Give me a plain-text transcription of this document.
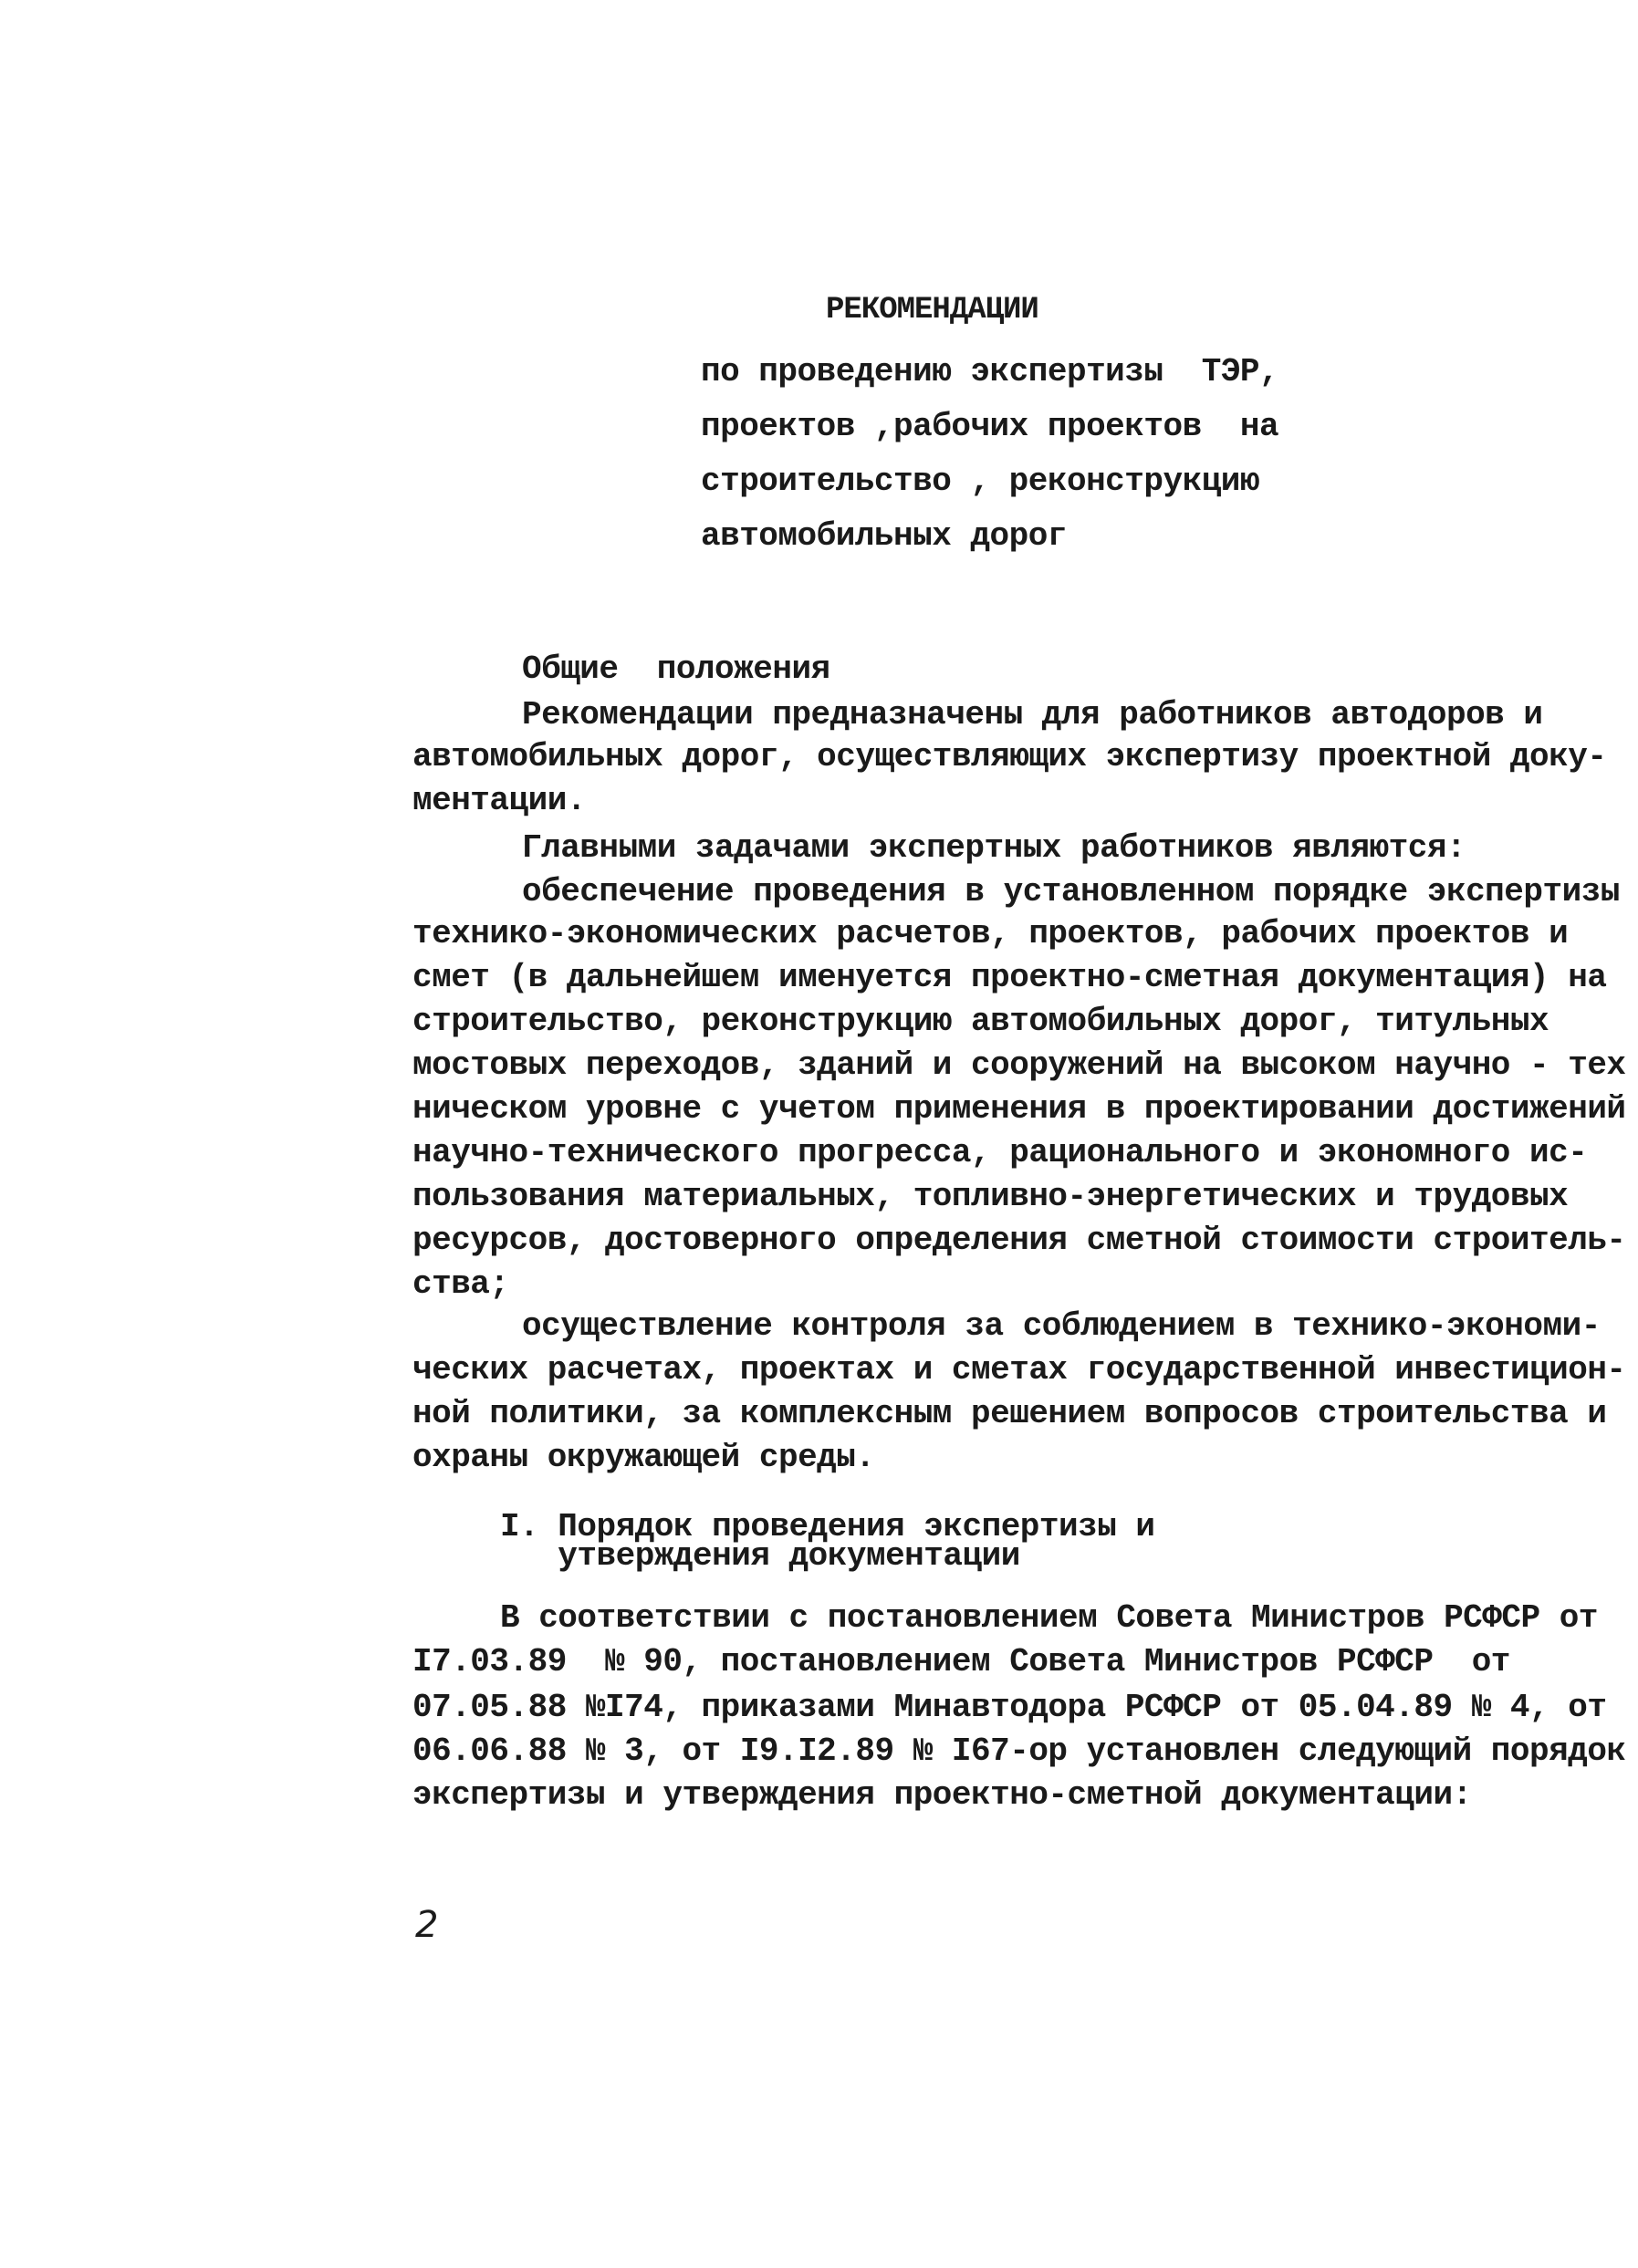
РЕКОМЕНДАЦИИ
по проведению экспертизы  ТЭР,
проектов ,рабочих проектов  на
строительство , реконструкцию
автомобильных дорог
Общие  положения
Рекомендации предназначены для работников автодоров и
автомобильных дорог, осуществляющих экспертизу проектной доку-
ментации.
Главными задачами экспертных работников являются:
обеспечение проведения в установленном порядке экспертизы
технико-экономических расчетов, проектов, рабочих проектов и
смет (в дальнейшем именуется проектно-сметная документация) на
строительство, реконструкцию автомобильных дорог, титульных
мостовых переходов, зданий и сооружений на высоком научно - тех
ническом уровне с учетом применения в проектировании достижений
научно-технического прогресса, рационального и экономного ис-
пользования материальных, топливно-энергетических и трудовых
ресурсов, достоверного определения сметной стоимости строитель-
ства;
осуществление контроля за соблюдением в технико-экономи-
ческих расчетах, проектах и сметах государственной инвестицион-
ной политики, за комплексным решением вопросов строительства и
охраны окружающей среды.
I. Порядок проведения экспертизы и
утверждения документации
В соответствии с постановлением Совета Министров РСФСР от
I7.03.89  № 90, постановлением Совета Министров РСФСР  от
07.05.88 №I74, приказами Минавтодора РСФСР от 05.04.89 № 4, от
06.06.88 № 3, от I9.I2.89 № I67-ор установлен следующий порядок
экспертизы и утверждения проектно-сметной документации:
2
